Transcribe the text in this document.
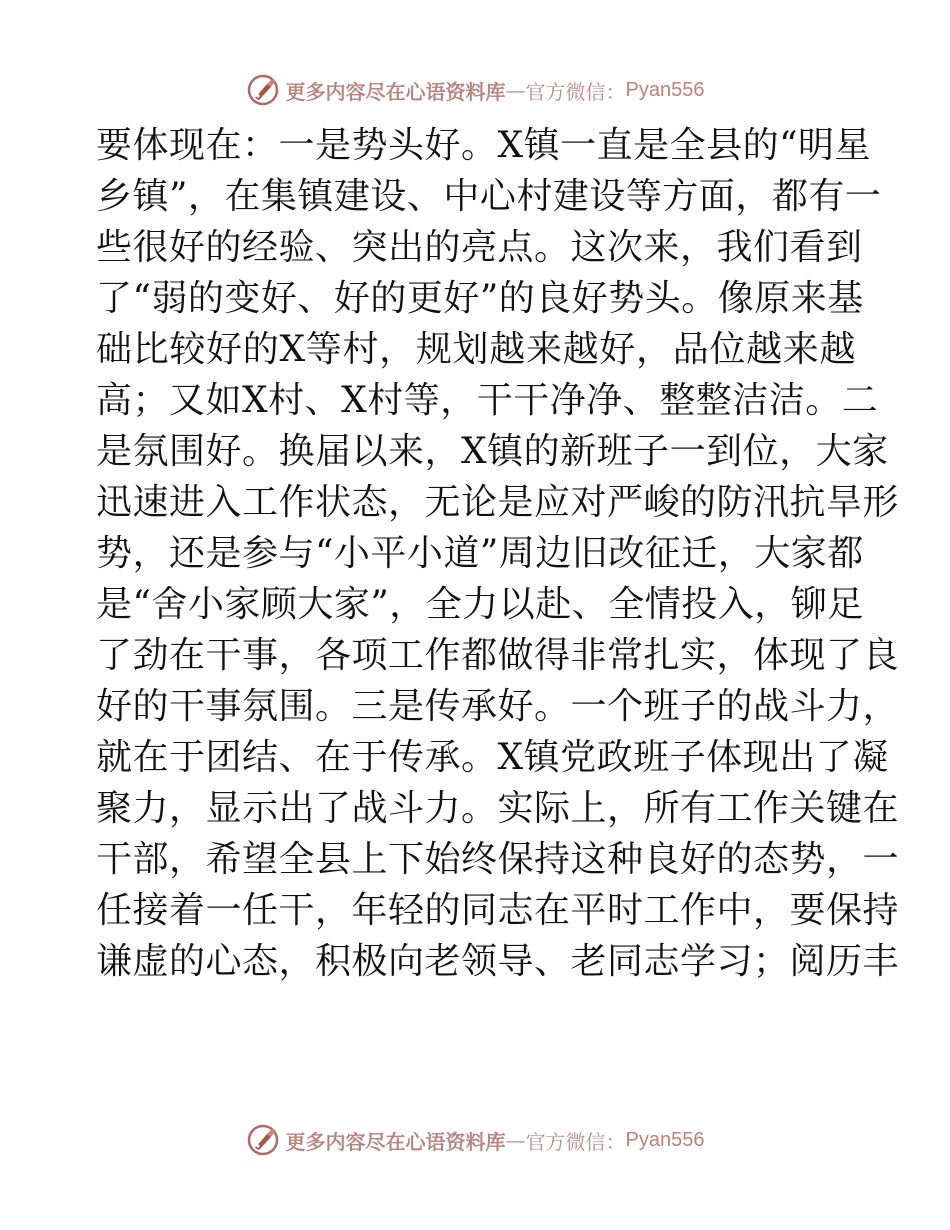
更多内容尽在心语资料库 — 官方微信： Pyan556
要体现在：一是势头好。X镇一直是全县的“明星
乡镇”，在集镇建设、中心村建设等方面，都有一
些很好的经验、突出的亮点。这次来，我们看到
了“弱的变好、好的更好”的良好势头。像原来基
础比较好的X等村，规划越来越好，品位越来越
高；又如X村、X村等，干干净净、整整洁洁。二
是氛围好。换届以来，X镇的新班子一到位，大家
迅速进入工作状态，无论是应对严峻的防汛抗旱形
势，还是参与“小平小道”周边旧改征迁，大家都
是“舍小家顾大家”，全力以赴、全情投入，铆足
了劲在干事，各项工作都做得非常扎实，体现了良
好的干事氛围。三是传承好。一个班子的战斗力，
就在于团结、在于传承。X镇党政班子体现出了凝
聚力，显示出了战斗力。实际上，所有工作关键在
干部，希望全县上下始终保持这种良好的态势，一
任接着一任干，年轻的同志在平时工作中，要保持
谦虚的心态，积极向老领导、老同志学习；阅历丰
更多内容尽在心语资料库 — 官方微信： Pyan556
